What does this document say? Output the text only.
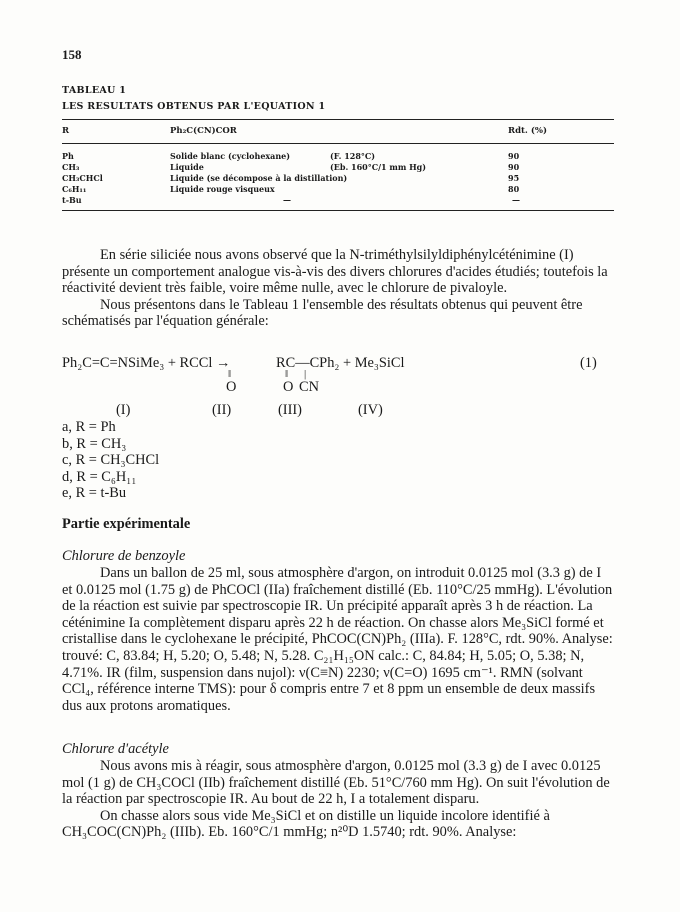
158
TABLEAU 1
LES RESULTATS OBTENUS PAR L'EQUATION 1
R	Ph₂C(CN)COR	Rdt. (%)
Ph	Solide blanc (cyclohexane)	(F. 128°C)	90
CH₃	Liquide	(Eb. 160°C/1 mm Hg)	90
CH₃CHCl	Liquide (se décompose à la distillation)	95
C₆H₁₁	Liquide rouge visqueux	80
t-Bu	—	—

En série siliciée nous avons observé que la N-triméthylsilyldiphénylcéténimine (I) présente un comportement analogue vis-à-vis des divers chlorures d'acides étudiés; toutefois la réactivité devient très faible, voire même nulle, avec le chlorure de pivaloyle.

Nous présentons dans le Tableau 1 l'ensemble des résultats obtenus qui peuvent être schématisés par l'équation générale:

Ph₂C=C=NSiMe₃ + RCCl →	RC—CPh₂ + Me₃SiCl	(1)
‖	‖ |
O	O CN
(I)	(II)	(III)	(IV)
a, R = Ph
b, R = CH₃
c, R = CH₃CHCl
d, R = C₆H₁₁
e, R = t-Bu
Partie expérimentale
Chlorure de benzoyle

Dans un ballon de 25 ml, sous atmosphère d'argon, on introduit 0.0125 mol (3.3 g) de I et 0.0125 mol (1.75 g) de PhCOCl (IIa) fraîchement distillé (Eb. 110°C/25 mmHg). L'évolution de la réaction est suivie par spectroscopie IR. Un précipité apparaît après 3 h de réaction. La céténimine Ia complètement disparu après 22 h de réaction. On chasse alors Me₃SiCl formé et cristallise dans le cyclohexane le précipité, PhCOC(CN)Ph₂ (IIIa). F. 128°C, rdt. 90%. Analyse: trouvé: C, 83.84; H, 5.20; O, 5.48; N, 5.28. C₂₁H₁₅ON calc.: C, 84.84; H, 5.05; O, 5.38; N, 4.71%. IR (film, suspension dans nujol): ν(C≡N) 2230; ν(C=O) 1695 cm⁻¹. RMN (solvant CCl₄, référence interne TMS): pour δ compris entre 7 et 8 ppm un ensemble de deux massifs dus aux protons aromatiques.

Chlorure d'acétyle

Nous avons mis à réagir, sous atmosphère d'argon, 0.0125 mol (3.3 g) de I avec 0.0125 mol (1 g) de CH₃COCl (IIb) fraîchement distillé (Eb. 51°C/760 mm Hg). On suit l'évolution de la réaction par spectroscopie IR. Au bout de 22 h, I a totalement disparu.

On chasse alors sous vide Me₃SiCl et on distille un liquide incolore identifié à CH₃COC(CN)Ph₂ (IIIb). Eb. 160°C/1 mmHg; n²⁰D 1.5740; rdt. 90%. Analyse:
